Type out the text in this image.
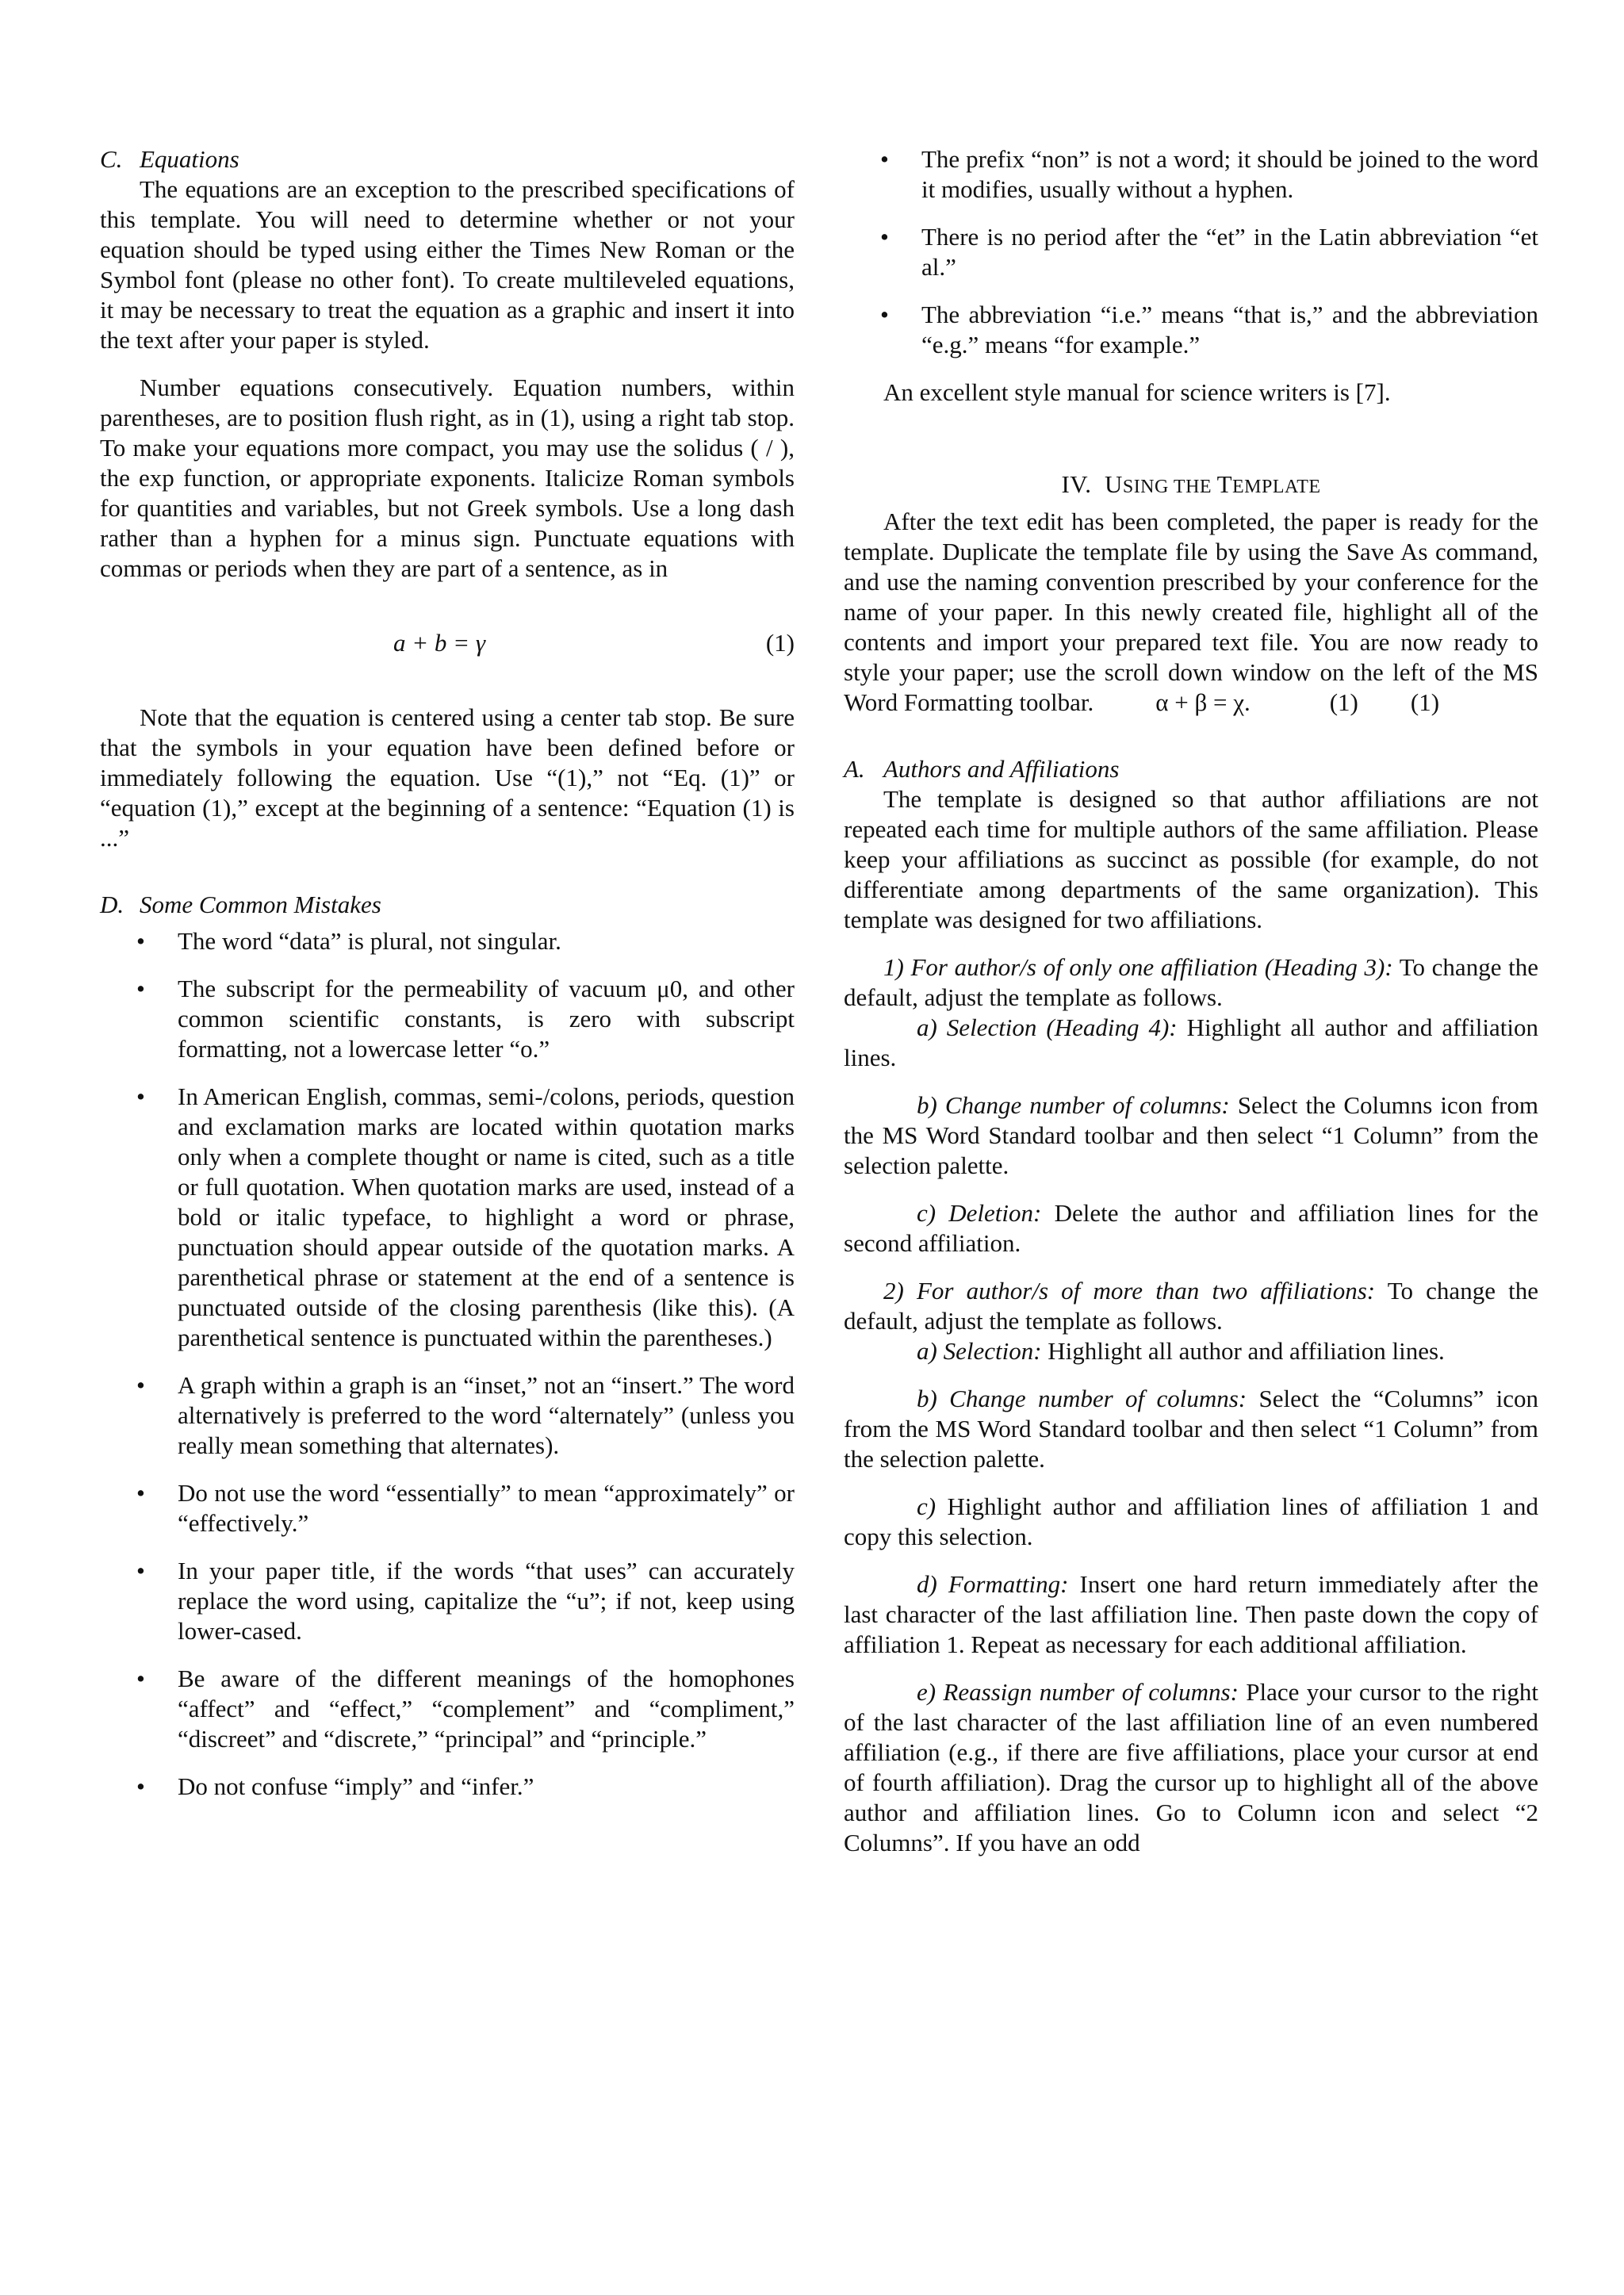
C. Equations

The equations are an exception to the prescribed specifications of this template. You will need to determine whether or not your equation should be typed using either the Times New Roman or the Symbol font (please no other font). To create multileveled equations, it may be necessary to treat the equation as a graphic and insert it into the text after your paper is styled.

Number equations consecutively. Equation numbers, within parentheses, are to position flush right, as in (1), using a right tab stop. To make your equations more compact, you may use the solidus ( / ), the exp function, or appropriate exponents. Italicize Roman symbols for quantities and variables, but not Greek symbols. Use a long dash rather than a hyphen for a minus sign. Punctuate equations with commas or periods when they are part of a sentence, as in

a + b = γ	(1)

Note that the equation is centered using a center tab stop. Be sure that the symbols in your equation have been defined before or immediately following the equation. Use “(1),” not “Eq. (1)” or “equation (1),” except at the beginning of a sentence: “Equation (1) is ...”

D. Some Common Mistakes
• The word “data” is plural, not singular.
• The subscript for the permeability of vacuum μ0, and other common scientific constants, is zero with subscript formatting, not a lowercase letter “o.”
• In American English, commas, semi-/colons, periods, question and exclamation marks are located within quotation marks only when a complete thought or name is cited, such as a title or full quotation. When quotation marks are used, instead of a bold or italic typeface, to highlight a word or phrase, punctuation should appear outside of the quotation marks. A parenthetical phrase or statement at the end of a sentence is punctuated outside of the closing parenthesis (like this). (A parenthetical sentence is punctuated within the parentheses.)
• A graph within a graph is an “inset,” not an “insert.” The word alternatively is preferred to the word “alternately” (unless you really mean something that alternates).
• Do not use the word “essentially” to mean “approximately” or “effectively.”
• In your paper title, if the words “that uses” can accurately replace the word using, capitalize the “u”; if not, keep using lower-cased.
• Be aware of the different meanings of the homophones “affect” and “effect,” “complement” and “compliment,” “discreet” and “discrete,” “principal” and “principle.”
• Do not confuse “imply” and “infer.”
• The prefix “non” is not a word; it should be joined to the word it modifies, usually without a hyphen.
• There is no period after the “et” in the Latin abbreviation “et al.”
• The abbreviation “i.e.” means “that is,” and the abbreviation “e.g.” means “for example.”

An excellent style manual for science writers is [7].

IV. USING THE TEMPLATE

After the text edit has been completed, the paper is ready for the template. Duplicate the template file by using the Save As command, and use the naming convention prescribed by your conference for the name of your paper. In this newly created file, highlight all of the contents and import your prepared text file. You are now ready to style your paper; use the scroll down window on the left of the MS Word Formatting toolbar.	α + β = χ.	(1) (1)

A. Authors and Affiliations

The template is designed so that author affiliations are not repeated each time for multiple authors of the same affiliation. Please keep your affiliations as succinct as possible (for example, do not differentiate among departments of the same organization). This template was designed for two affiliations.

1) For author/s of only one affiliation (Heading 3): To change the default, adjust the template as follows.

a) Selection (Heading 4): Highlight all author and affiliation lines.

b) Change number of columns: Select the Columns icon from the MS Word Standard toolbar and then select “1 Column” from the selection palette.

c) Deletion: Delete the author and affiliation lines for the second affiliation.

2) For author/s of more than two affiliations: To change the default, adjust the template as follows.

a) Selection: Highlight all author and affiliation lines.

b) Change number of columns: Select the “Columns” icon from the MS Word Standard toolbar and then select “1 Column” from the selection palette.

c) Highlight author and affiliation lines of affiliation 1 and copy this selection.

d) Formatting: Insert one hard return immediately after the last character of the last affiliation line. Then paste down the copy of affiliation 1. Repeat as necessary for each additional affiliation.

e) Reassign number of columns: Place your cursor to the right of the last character of the last affiliation line of an even numbered affiliation (e.g., if there are five affiliations, place your cursor at end of fourth affiliation). Drag the cursor up to highlight all of the above author and affiliation lines. Go to Column icon and select “2 Columns”. If you have an odd
